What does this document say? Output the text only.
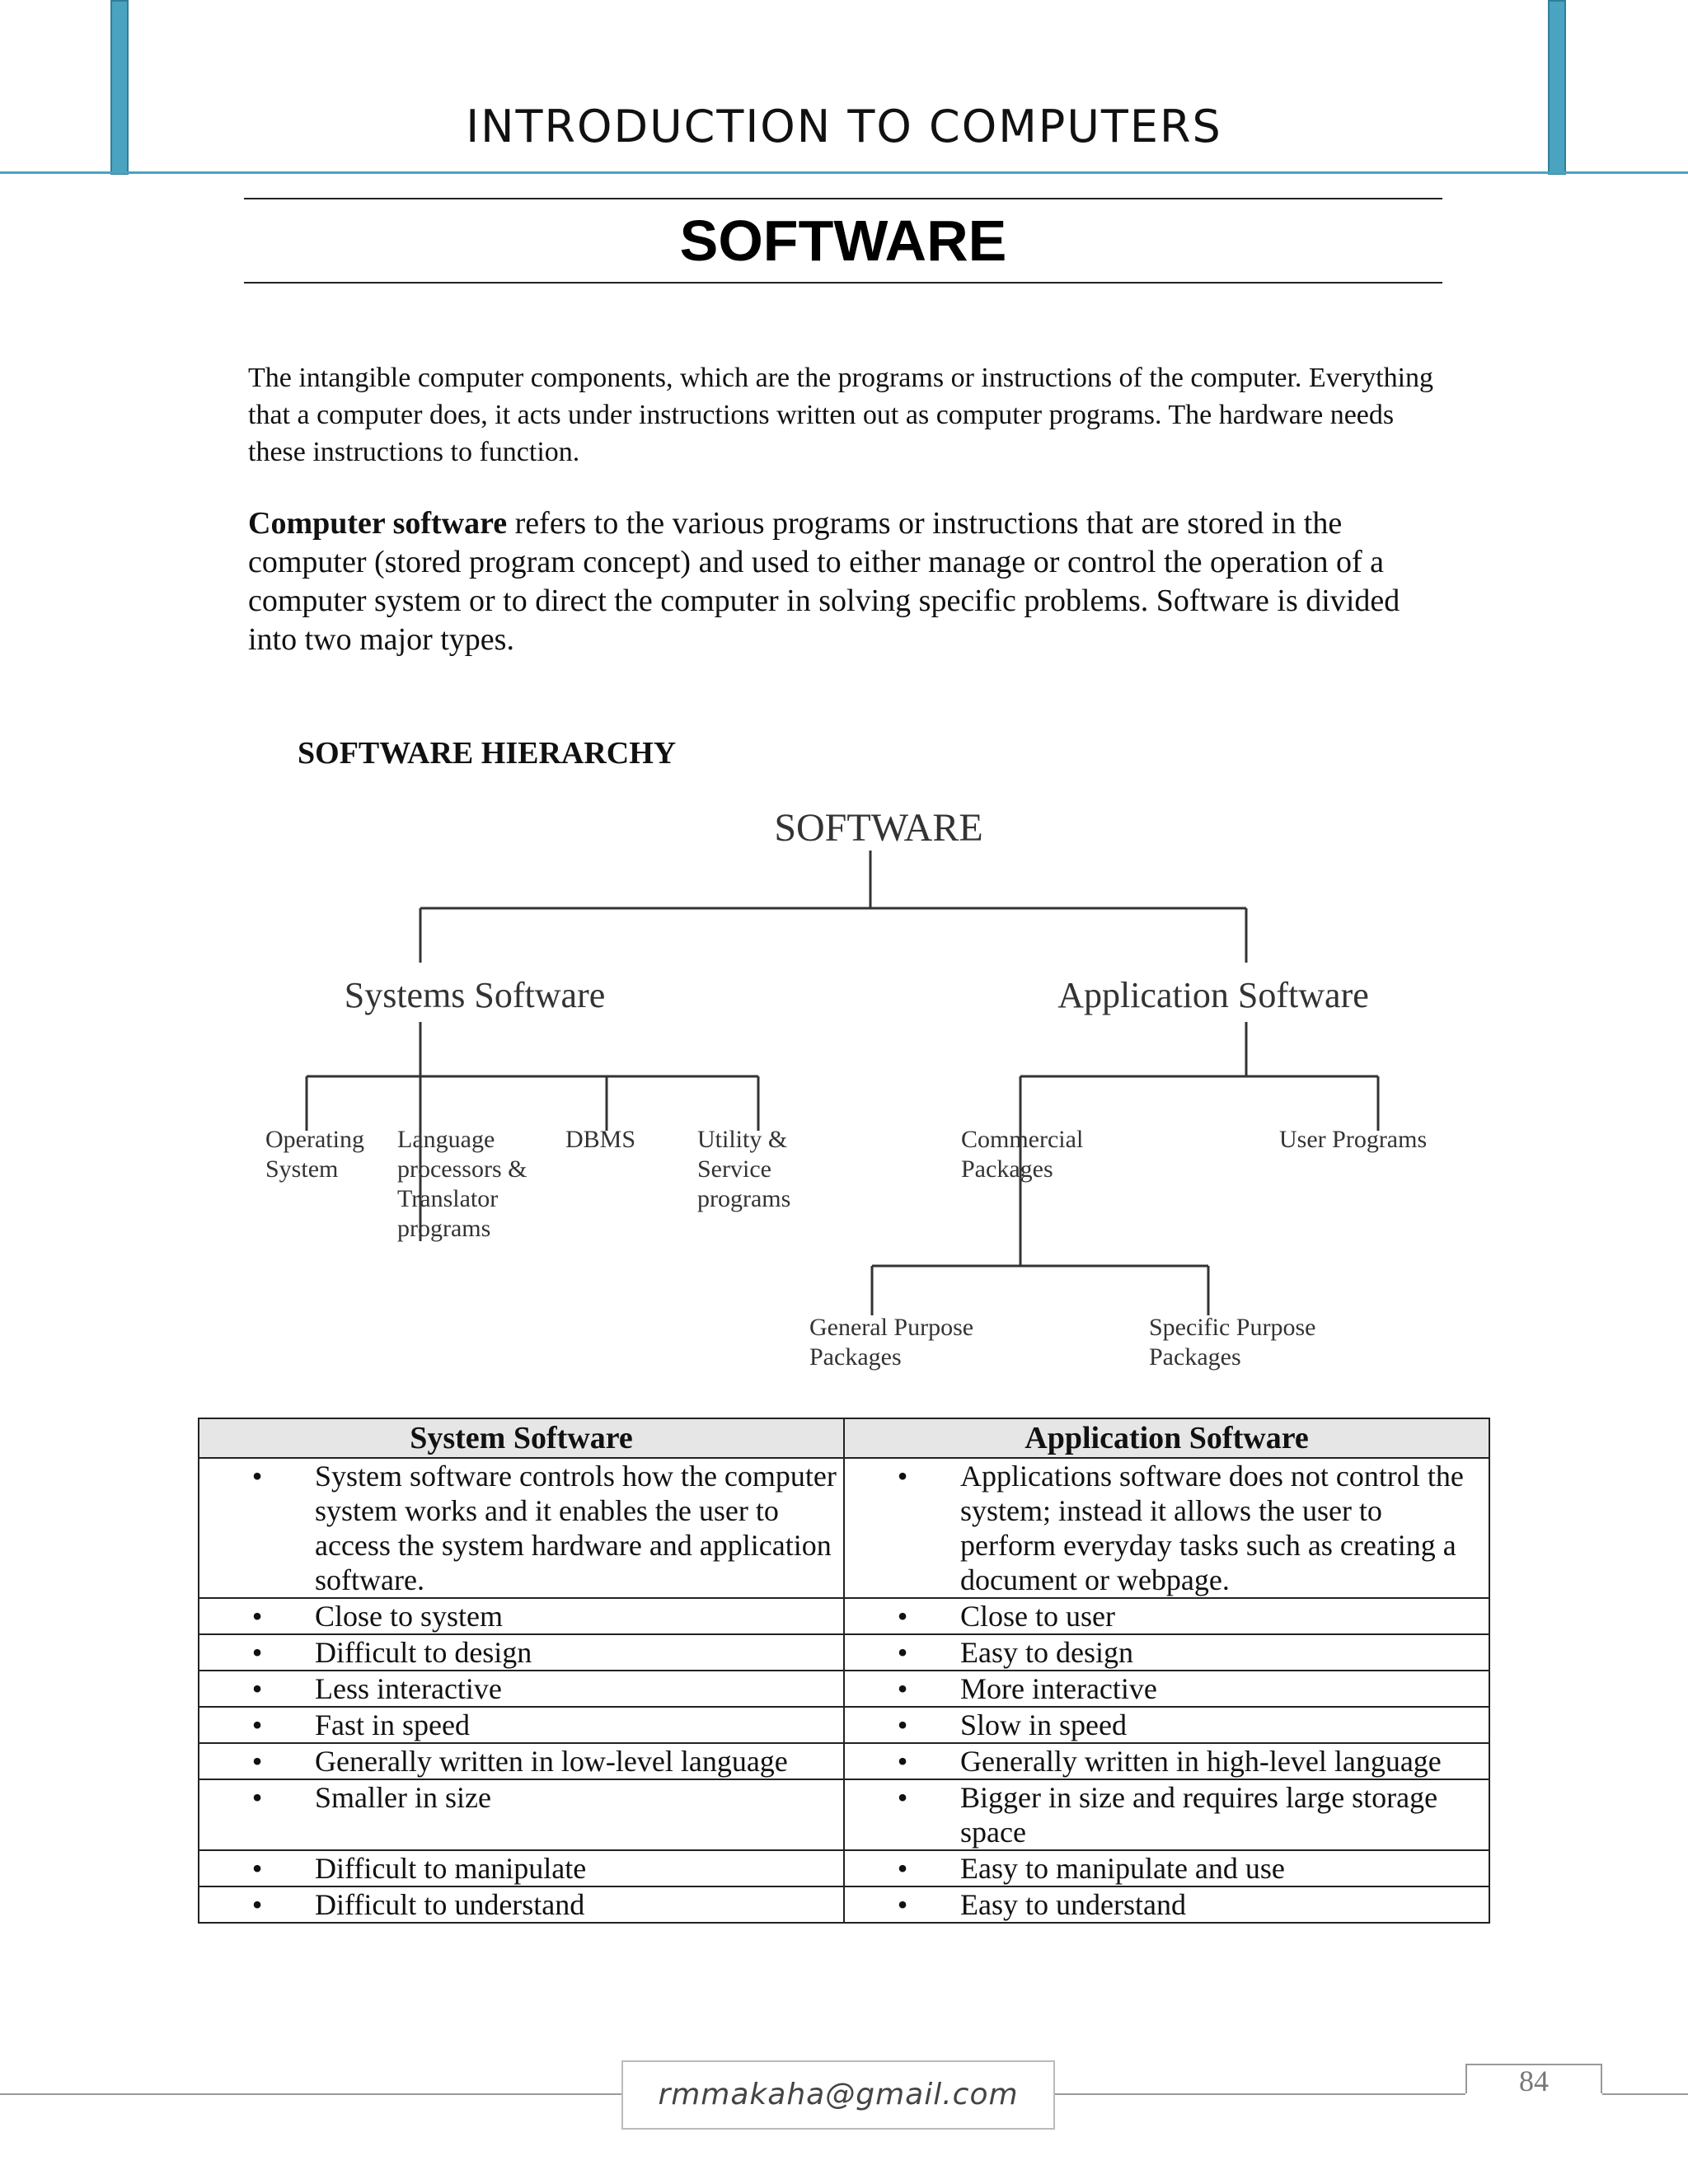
INTRODUCTION TO COMPUTERS
SOFTWARE

The intangible computer components, which are the programs or instructions of the computer. Everything that a computer does, it acts under instructions written out as computer programs. The hardware needs these instructions to function.

Computer software refers to the various programs or instructions that are stored in the computer (stored program concept) and used to either manage or control the operation of a computer system or to direct the computer in solving specific problems. Software is divided into two major types.

SOFTWARE HIERARCHY
SOFTWARE
Systems Software	Application Software
Operating System
Language processors & Translator programs
DBMS Utility & Service programs
Commercial Packages
User Programs
General Purpose Packages
Specific Purpose Packages
System Software	Application Software

• System software controls how the computer system works and it enables the user to access the system hardware and application software.	• Applications software does not control the system; instead it allows the user to perform everyday tasks such as creating a document or webpage.

• Close to system	• Close to user

• Difficult to design	• Easy to design

• Less interactive	• More interactive

• Fast in speed	• Slow in speed

• Generally written in low-level language	• Generally written in high-level language

• Smaller in size	• Bigger in size and requires large storage space

• Difficult to manipulate	• Easy to manipulate and use

• Difficult to understand	• Easy to understand
rmmakaha@gmail.com	84
